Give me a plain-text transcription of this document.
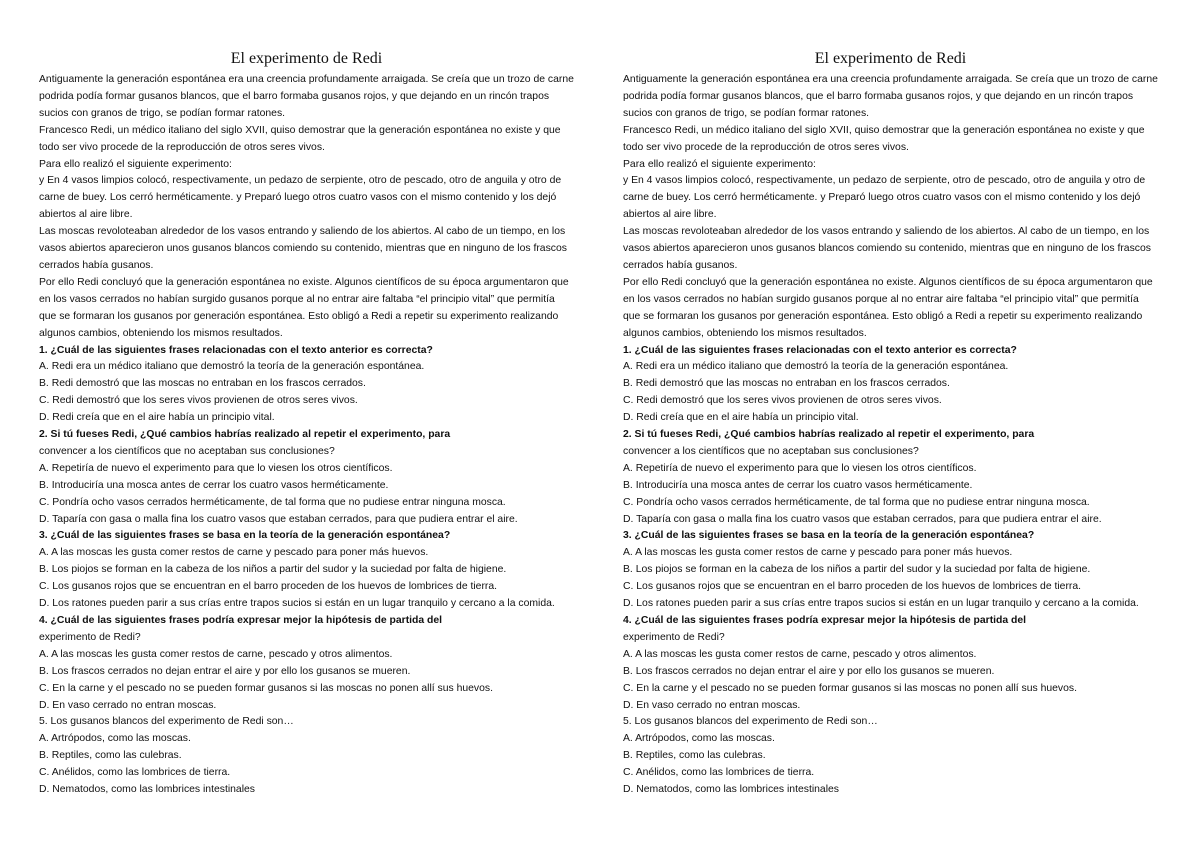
El experimento de Redi
Antiguamente la generación espontánea era una creencia profundamente arraigada. Se creía que un trozo de carne podrida podía formar gusanos blancos, que el barro formaba gusanos rojos, y que dejando en un rincón trapos sucios con granos de trigo, se podían formar ratones.
Francesco Redi, un médico italiano del siglo XVII, quiso demostrar que la generación espontánea no existe y que todo ser vivo procede de la reproducción de otros seres vivos.
Para ello realizó el siguiente experimento:
y En 4 vasos limpios colocó, respectivamente, un pedazo de serpiente, otro de pescado, otro de anguila y otro de carne de buey. Los cerró herméticamente. y Preparó luego otros cuatro vasos con el mismo contenido y los dejó abiertos al aire libre.
Las moscas revoloteaban alrededor de los vasos entrando y saliendo de los abiertos. Al cabo de un tiempo, en los vasos abiertos aparecieron unos gusanos blancos comiendo su contenido, mientras que en ninguno de los frascos cerrados había gusanos.
Por ello Redi concluyó que la generación espontánea no existe. Algunos científicos de su época argumentaron que en los vasos cerrados no habían surgido gusanos porque al no entrar aire faltaba “el principio vital” que permitía que se formaran los gusanos por generación espontánea. Esto obligó a Redi a repetir su experimento realizando algunos cambios, obteniendo los mismos resultados.
1. ¿Cuál de las siguientes frases relacionadas con el texto anterior es correcta?
A. Redi era un médico italiano que demostró la teoría de la generación espontánea.
B. Redi demostró que las moscas no entraban en los frascos cerrados.
C. Redi demostró que los seres vivos provienen de otros seres vivos.
D. Redi creía que en el aire había un principio vital.
2. Si tú fueses Redi, ¿Qué cambios habrías realizado al repetir el experimento, para
convencer a los científicos que no aceptaban sus conclusiones?
A. Repetiría de nuevo el experimento para que lo viesen los otros científicos.
B. Introduciría una mosca antes de cerrar los cuatro vasos herméticamente.
C. Pondría ocho vasos cerrados herméticamente, de tal forma que no pudiese entrar ninguna mosca.
D. Taparía con gasa o malla fina los cuatro vasos que estaban cerrados, para que pudiera entrar el aire.
3. ¿Cuál de las siguientes frases se basa en la teoría de la generación espontánea?
A. A las moscas les gusta comer restos de carne y pescado para poner más huevos.
B. Los piojos se forman en la cabeza de los niños a partir del sudor y la suciedad por falta de higiene.
C. Los gusanos rojos que se encuentran en el barro proceden de los huevos de lombrices de tierra.
D. Los ratones pueden parir a sus crías entre trapos sucios si están en un lugar tranquilo y cercano a la comida.
4. ¿Cuál de las siguientes frases podría expresar mejor la hipótesis de partida del
experimento de Redi?
A. A las moscas les gusta comer restos de carne, pescado y otros alimentos.
B. Los frascos cerrados no dejan entrar el aire y por ello los gusanos se mueren.
C. En la carne y el pescado no se pueden formar gusanos si las moscas no ponen allí sus huevos.
D. En vaso cerrado no entran moscas.
5. Los gusanos blancos del experimento de Redi son…
A. Artrópodos, como las moscas.
B. Reptiles, como las culebras.
C. Anélidos, como las lombrices de tierra.
D. Nematodos, como las lombrices intestinales
El experimento de Redi
Antiguamente la generación espontánea era una creencia profundamente arraigada. Se creía que un trozo de carne podrida podía formar gusanos blancos, que el barro formaba gusanos rojos, y que dejando en un rincón trapos sucios con granos de trigo, se podían formar ratones.
Francesco Redi, un médico italiano del siglo XVII, quiso demostrar que la generación espontánea no existe y que todo ser vivo procede de la reproducción de otros seres vivos.
Para ello realizó el siguiente experimento:
y En 4 vasos limpios colocó, respectivamente, un pedazo de serpiente, otro de pescado, otro de anguila y otro de carne de buey. Los cerró herméticamente. y Preparó luego otros cuatro vasos con el mismo contenido y los dejó abiertos al aire libre.
Las moscas revoloteaban alrededor de los vasos entrando y saliendo de los abiertos. Al cabo de un tiempo, en los vasos abiertos aparecieron unos gusanos blancos comiendo su contenido, mientras que en ninguno de los frascos cerrados había gusanos.
Por ello Redi concluyó que la generación espontánea no existe. Algunos científicos de su época argumentaron que en los vasos cerrados no habían surgido gusanos porque al no entrar aire faltaba “el principio vital” que permitía que se formaran los gusanos por generación espontánea. Esto obligó a Redi a repetir su experimento realizando algunos cambios, obteniendo los mismos resultados.
1. ¿Cuál de las siguientes frases relacionadas con el texto anterior es correcta?
A. Redi era un médico italiano que demostró la teoría de la generación espontánea.
B. Redi demostró que las moscas no entraban en los frascos cerrados.
C. Redi demostró que los seres vivos provienen de otros seres vivos.
D. Redi creía que en el aire había un principio vital.
2. Si tú fueses Redi, ¿Qué cambios habrías realizado al repetir el experimento, para
convencer a los científicos que no aceptaban sus conclusiones?
A. Repetiría de nuevo el experimento para que lo viesen los otros científicos.
B. Introduciría una mosca antes de cerrar los cuatro vasos herméticamente.
C. Pondría ocho vasos cerrados herméticamente, de tal forma que no pudiese entrar ninguna mosca.
D. Taparía con gasa o malla fina los cuatro vasos que estaban cerrados, para que pudiera entrar el aire.
3. ¿Cuál de las siguientes frases se basa en la teoría de la generación espontánea?
A. A las moscas les gusta comer restos de carne y pescado para poner más huevos.
B. Los piojos se forman en la cabeza de los niños a partir del sudor y la suciedad por falta de higiene.
C. Los gusanos rojos que se encuentran en el barro proceden de los huevos de lombrices de tierra.
D. Los ratones pueden parir a sus crías entre trapos sucios si están en un lugar tranquilo y cercano a la comida.
4. ¿Cuál de las siguientes frases podría expresar mejor la hipótesis de partida del
experimento de Redi?
A. A las moscas les gusta comer restos de carne, pescado y otros alimentos.
B. Los frascos cerrados no dejan entrar el aire y por ello los gusanos se mueren.
C. En la carne y el pescado no se pueden formar gusanos si las moscas no ponen allí sus huevos.
D. En vaso cerrado no entran moscas.
5. Los gusanos blancos del experimento de Redi son…
A. Artrópodos, como las moscas.
B. Reptiles, como las culebras.
C. Anélidos, como las lombrices de tierra.
D. Nematodos, como las lombrices intestinales
